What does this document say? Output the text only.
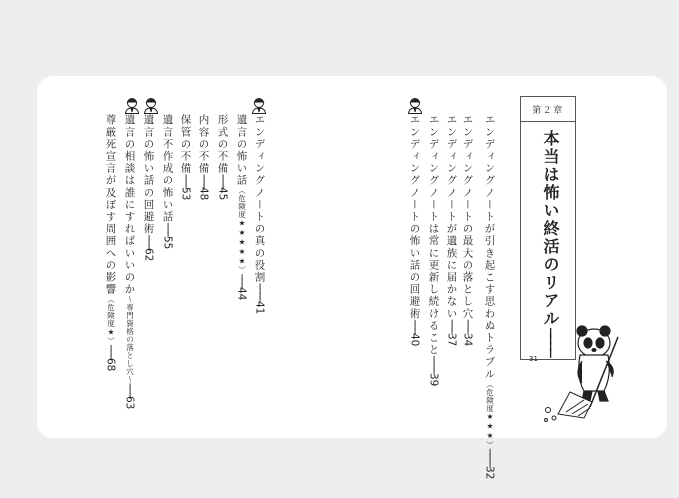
第２章
本当は怖い終活のリアル────
31
エンディングノートが引き起こす思わぬトラブル（危険度★★★）────32
エンディングノートの最大の落とし穴───34
エンディングノートが遺族に届かない───37
エンディングノートは常に更新し続けること────39
エンディングノートの怖い話の回避術───40
エンディングノートの真の役割────41
遺言の怖い話（危険度★★★★★）───44
形式の不備───45
内容の不備───48
保管の不備───53
遺言不作成の怖い話───55
遺言の怖い話の回避術───62
遺言の相談は誰にすればいいのか～専門資格の落とし穴～───63
尊厳死宣言が及ぼす周囲への影響（危険度★）───68
